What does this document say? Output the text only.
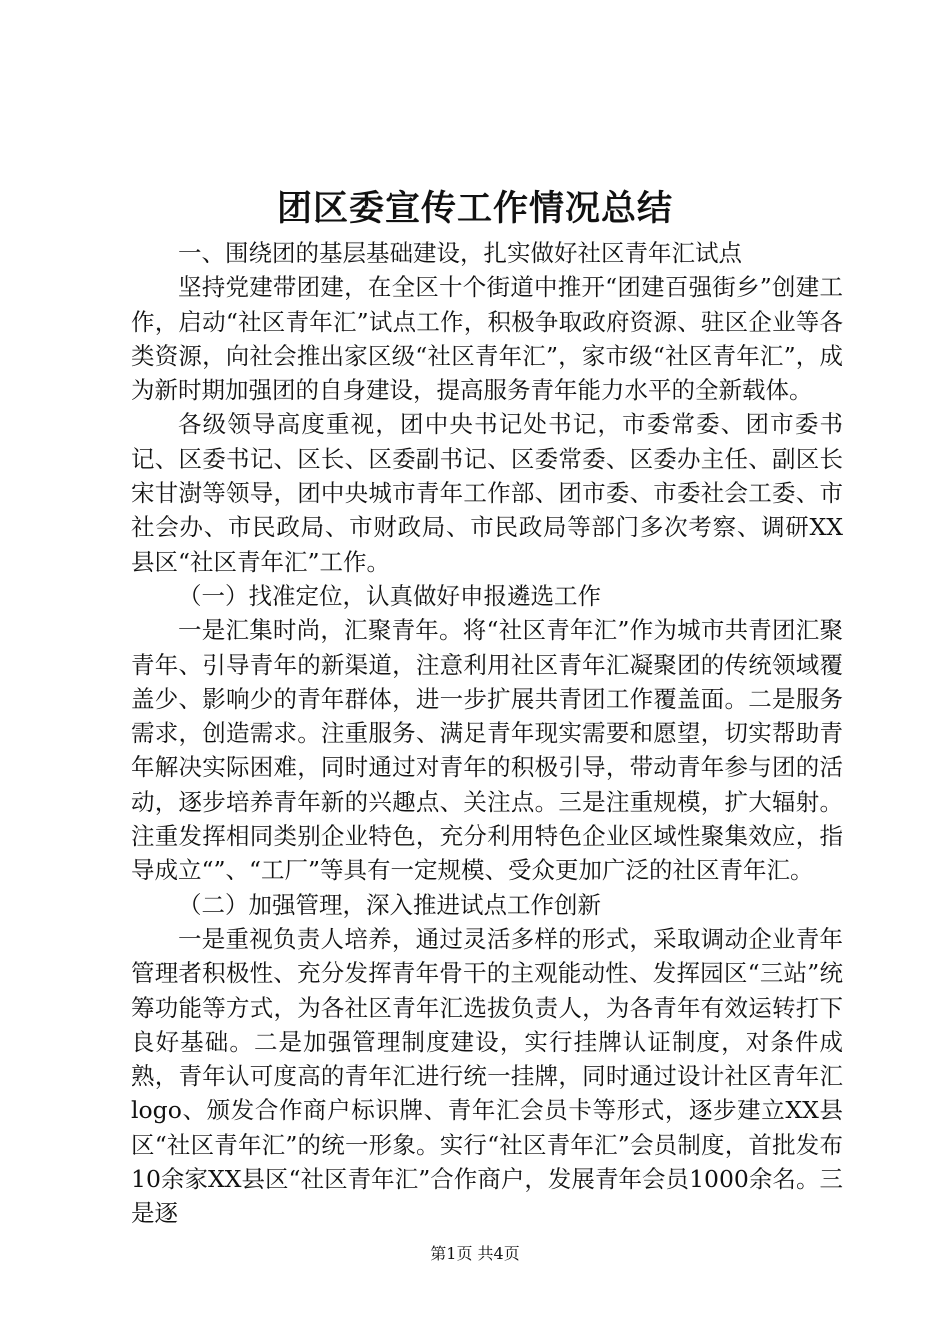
团区委宣传工作情况总结

一、围绕团的基层基础建设，扎实做好社区青年汇试点

坚持党建带团建，在全区十个街道中推开“团建百强街乡”创建工作，启动“社区青年汇”试点工作，积极争取政府资源、驻区企业等各类资源，向社会推出家区级“社区青年汇”，家市级“社区青年汇”，成为新时期加强团的自身建设，提高服务青年能力水平的全新载体。

各级领导高度重视，团中央书记处书记，市委常委、团市委书记、区委书记、区长、区委副书记、区委常委、区委办主任、副区长宋甘澍等领导，团中央城市青年工作部、团市委、市委社会工委、市社会办、市民政局、市财政局、市民政局等部门多次考察、调研XX县区“社区青年汇”工作。

（一）找准定位，认真做好申报遴选工作

一是汇集时尚，汇聚青年。将“社区青年汇”作为城市共青团汇聚青年、引导青年的新渠道，注意利用社区青年汇凝聚团的传统领域覆盖少、影响少的青年群体，进一步扩展共青团工作覆盖面。二是服务需求，创造需求。注重服务、满足青年现实需要和愿望，切实帮助青年解决实际困难，同时通过对青年的积极引导，带动青年参与团的活动，逐步培养青年新的兴趣点、关注点。三是注重规模，扩大辐射。注重发挥相同类别企业特色，充分利用特色企业区域性聚集效应，指导成立“”、“工厂”等具有一定规模、受众更加广泛的社区青年汇。

（二）加强管理，深入推进试点工作创新

一是重视负责人培养，通过灵活多样的形式，采取调动企业青年管理者积极性、充分发挥青年骨干的主观能动性、发挥园区“三站”统筹功能等方式，为各社区青年汇选拔负责人，为各青年有效运转打下良好基础。二是加强管理制度建设，实行挂牌认证制度，对条件成熟，青年认可度高的青年汇进行统一挂牌，同时通过设计社区青年汇logo、颁发合作商户标识牌、青年汇会员卡等形式，逐步建立XX县区“社区青年汇”的统一形象。实行“社区青年汇”会员制度，首批发布10余家XX县区“社区青年汇”合作商户，发展青年会员1000余名。三是逐

第1页 共4页
